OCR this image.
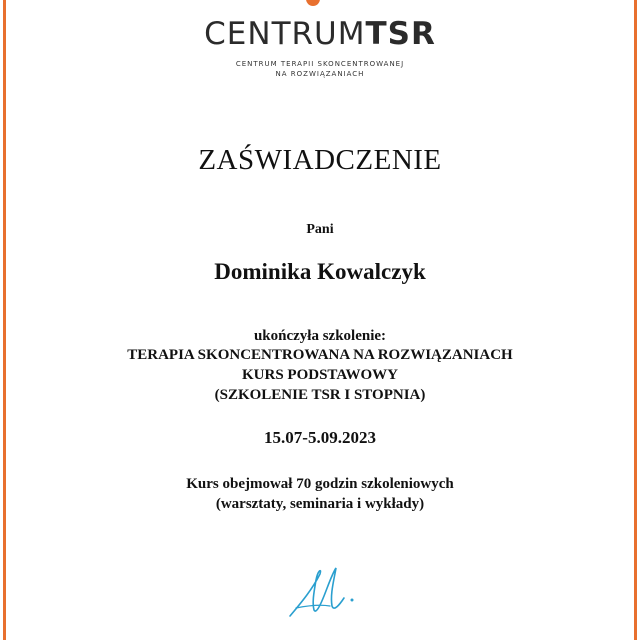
CENTRUMTSR
CENTRUM TERAPII SKONCENTROWANEJ
NA ROZWIĄZANIACH
ZAŚWIADCZENIE
Pani
Dominika Kowalczyk
ukończyła szkolenie:
TERAPIA SKONCENTROWANA NA ROZWIĄZANIACH
KURS PODSTAWOWY
(SZKOLENIE TSR I STOPNIA)
15.07-5.09.2023
Kurs obejmował 70 godzin szkoleniowych
(warsztaty, seminaria i wykłady)
